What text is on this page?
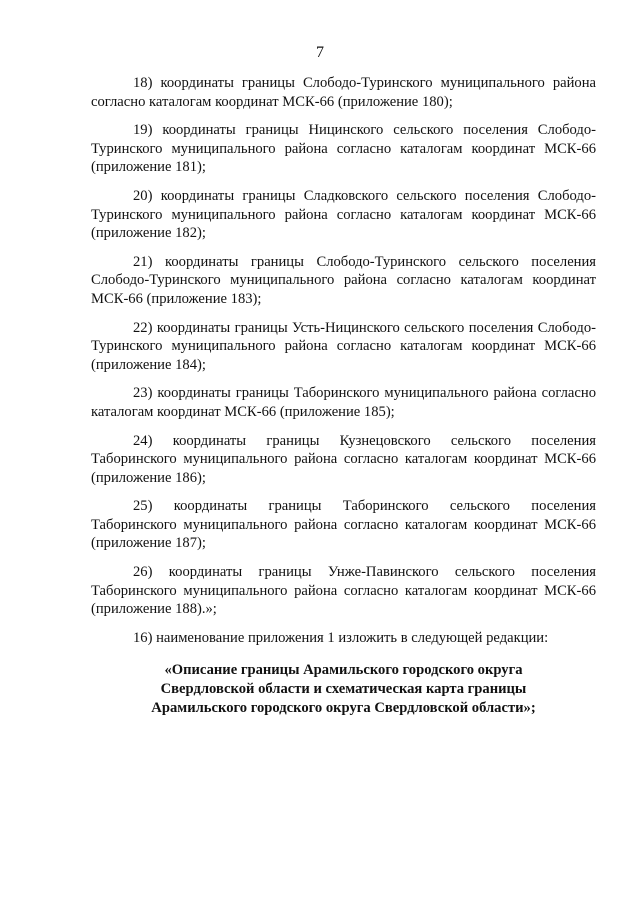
7

18) координаты границы Слободо-Туринского муниципального района согласно каталогам координат МСК-66 (приложение 180);

19) координаты границы Ницинского сельского поселения Слободо-Туринского муниципального района согласно каталогам координат МСК-66 (приложение 181);

20) координаты границы Сладковского сельского поселения Слободо-Туринского муниципального района согласно каталогам координат МСК-66 (приложение 182);

21) координаты границы Слободо-Туринского сельского поселения Слободо-Туринского муниципального района согласно каталогам координат МСК-66 (приложение 183);

22) координаты границы Усть-Ницинского сельского поселения Слободо-Туринского муниципального района согласно каталогам координат МСК-66 (приложение 184);

23) координаты границы Таборинского муниципального района согласно каталогам координат МСК-66 (приложение 185);

24) координаты границы Кузнецовского сельского поселения Таборинского муниципального района согласно каталогам координат МСК-66 (приложение 186);

25) координаты границы Таборинского сельского поселения Таборинского муниципального района согласно каталогам координат МСК-66 (приложение 187);

26) координаты границы Унже-Павинского сельского поселения Таборинского муниципального района согласно каталогам координат МСК-66 (приложение 188).»;

16) наименование приложения 1 изложить в следующей редакции:

«Описание границы Арамильского городского округа
Свердловской области и схематическая карта границы
Арамильского городского округа Свердловской области»;
